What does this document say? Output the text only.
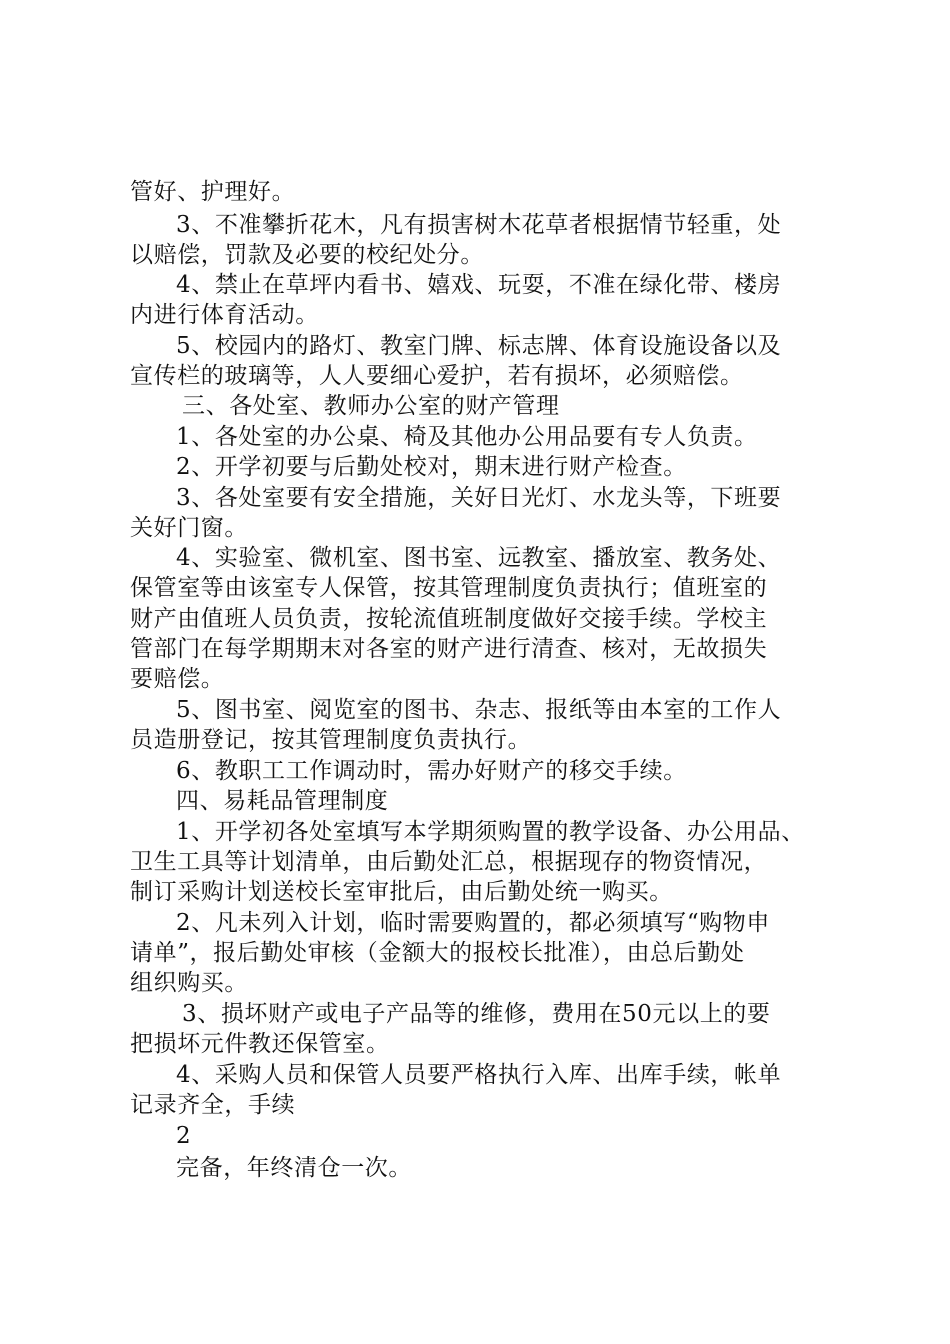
管好、护理好。
3、不准攀折花木，凡有损害树木花草者根据情节轻重，处
以赔偿，罚款及必要的校纪处分。
4、禁止在草坪内看书、嬉戏、玩耍，不准在绿化带、楼房
内进行体育活动。
5、校园内的路灯、教室门牌、标志牌、体育设施设备以及
宣传栏的玻璃等，人人要细心爱护，若有损坏，必须赔偿。
三、各处室、教师办公室的财产管理
1、各处室的办公桌、椅及其他办公用品要有专人负责。
2、开学初要与后勤处校对，期末进行财产检查。
3、各处室要有安全措施，关好日光灯、水龙头等，下班要
关好门窗。
4、实验室、微机室、图书室、远教室、播放室、教务处、
保管室等由该室专人保管，按其管理制度负责执行；值班室的
财产由值班人员负责，按轮流值班制度做好交接手续。学校主
管部门在每学期期末对各室的财产进行清查、核对，无故损失
要赔偿。
5、图书室、阅览室的图书、杂志、报纸等由本室的工作人
员造册登记，按其管理制度负责执行。
6、教职工工作调动时，需办好财产的移交手续。
四、易耗品管理制度
1、开学初各处室填写本学期须购置的教学设备、办公用品、
卫生工具等计划清单，由后勤处汇总，根据现存的物资情况，
制订采购计划送校长室审批后，由后勤处统一购买。
2、凡未列入计划，临时需要购置的，都必须填写“购物申
请单”，报后勤处审核（金额大的报校长批准），由总后勤处
组织购买。
3、损坏财产或电子产品等的维修，费用在50元以上的要
把损坏元件教还保管室。
4、采购人员和保管人员要严格执行入库、出库手续，帐单
记录齐全，手续
2
完备，年终清仓一次。
